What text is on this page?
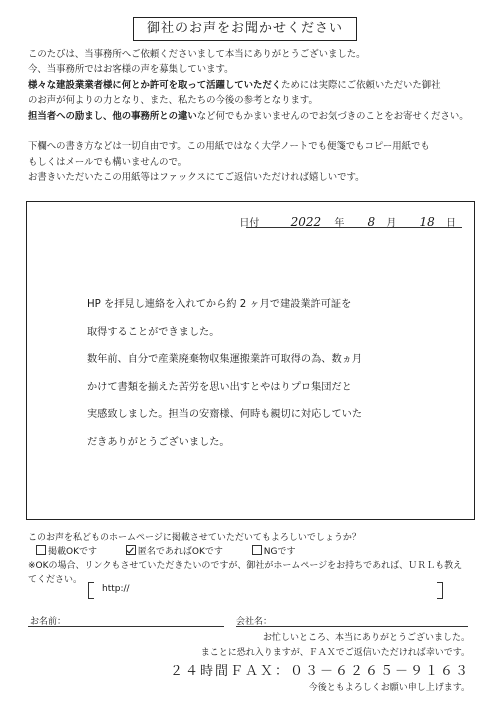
御社のお声をお聞かせください
このたびは、当事務所へご依頼くださいまして本当にありがとうございました。
今、当事務所ではお客様の声を募集しています。
様々な建設業業者様に何とか許可を取って活躍していただくためには実際にご依頼いただいた御社
のお声が何よりの力となり、また、私たちの今後の参考となります。
担当者への励まし、他の事務所との違いなど何でもかまいませんのでお気づきのことをお寄せください。
下欄への書き方などは一切自由です。この用紙ではなく大学ノートでも便箋でもコピー用紙でも
もしくはメールでも構いませんので。
お書きいただいたこの用紙等はファックスにてご返信いただければ嬉しいです。
日付	2022 年 8 月 18 日

HP を拝見し連絡を入れてから約 2 ヶ月で建設業許可証を

取得することができました。

数年前、自分で産業廃棄物収集運搬業許可取得の為、数ヵ月

かけて書類を揃えた苦労を思い出すとやはりプロ集団だと

実感致しました。担当の安齋様、何時も親切に対応していた

だきありがとうございました。

このお声を私どものホームページに掲載させていただいてもよろしいでしょうか？
掲載OKです	匿名であればOKです	NGです
※OKの場合、リンクもさせていただきたいのですが、御社がホームページをお持ちであれば、ＵＲＬも教え
てください。
http://
お名前：	会社名：
お忙しいところ、本当にありがとうございました。
まことに恐れ入りますが、ＦＡＸでご返信いただければ幸いです。
２４時間ＦＡＸ：０３－６２６５－９１６３
今後ともよろしくお願い申し上げます。
